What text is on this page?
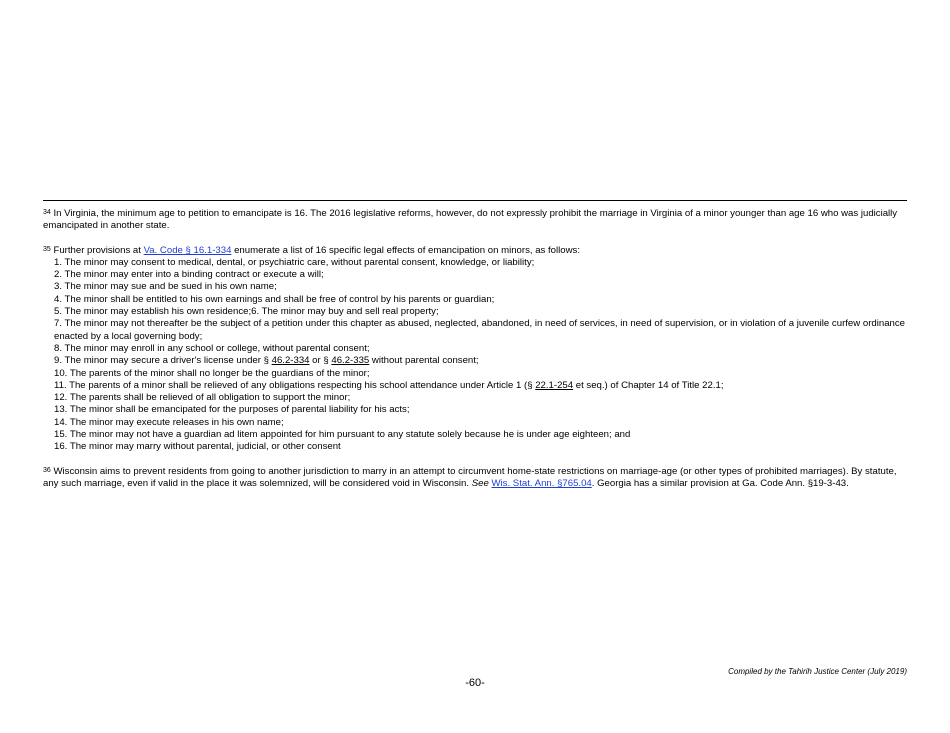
$^{34}$ In Virginia, the minimum age to petition to emancipate is 16. The 2016 legislative reforms, however, do not expressly prohibit the marriage in Virginia of a minor younger than age 16 who was judicially emancipated in another state.

$^{35}$ Further provisions at Va. Code § 16.1-334 enumerate a list of 16 specific legal effects of emancipation on minors, as follows:
1. The minor may consent to medical, dental, or psychiatric care, without parental consent, knowledge, or liability;
2. The minor may enter into a binding contract or execute a will;
3. The minor may sue and be sued in his own name;
4. The minor shall be entitled to his own earnings and shall be free of control by his parents or guardian;
5. The minor may establish his own residence;6. The minor may buy and sell real property;
7. The minor may not thereafter be the subject of a petition under this chapter as abused, neglected, abandoned, in need of services, in need of supervision, or in violation of a juvenile curfew ordinance enacted by a local governing body;
8. The minor may enroll in any school or college, without parental consent;
9. The minor may secure a driver's license under § 46.2-334 or § 46.2-335 without parental consent;
10. The parents of the minor shall no longer be the guardians of the minor;
11. The parents of a minor shall be relieved of any obligations respecting his school attendance under Article 1 (§ 22.1-254 et seq.) of Chapter 14 of Title 22.1;
12. The parents shall be relieved of all obligation to support the minor;
13. The minor shall be emancipated for the purposes of parental liability for his acts;
14. The minor may execute releases in his own name;
15. The minor may not have a guardian ad litem appointed for him pursuant to any statute solely because he is under age eighteen; and
16. The minor may marry without parental, judicial, or other consent

$^{36}$ Wisconsin aims to prevent residents from going to another jurisdiction to marry in an attempt to circumvent home-state restrictions on marriage-age (or other types of prohibited marriages). By statute, any such marriage, even if valid in the place it was solemnized, will be considered void in Wisconsin. See Wis. Stat. Ann. §765.04. Georgia has a similar provision at Ga. Code Ann. §19-3-43.

Compiled by the Tahirih Justice Center (July 2019)
-60-
